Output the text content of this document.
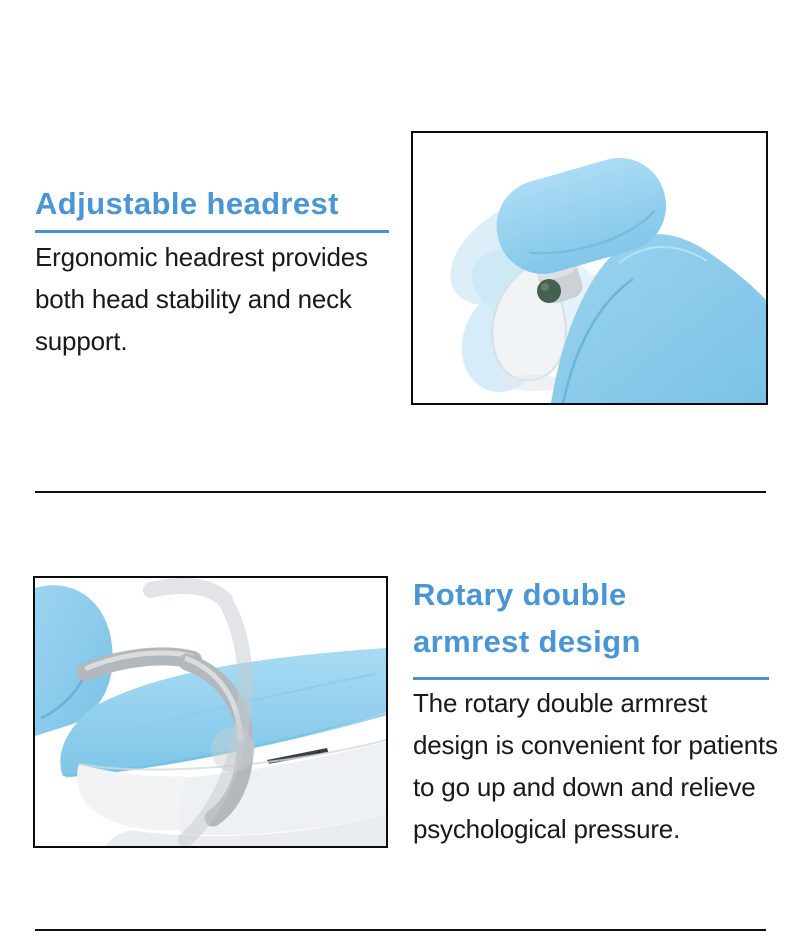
Adjustable headrest
Ergonomic headrest provides
both head stability and neck
support.
Rotary double
armrest design
The rotary double armrest
design is convenient for patients
to go up and down and relieve
psychological pressure.
